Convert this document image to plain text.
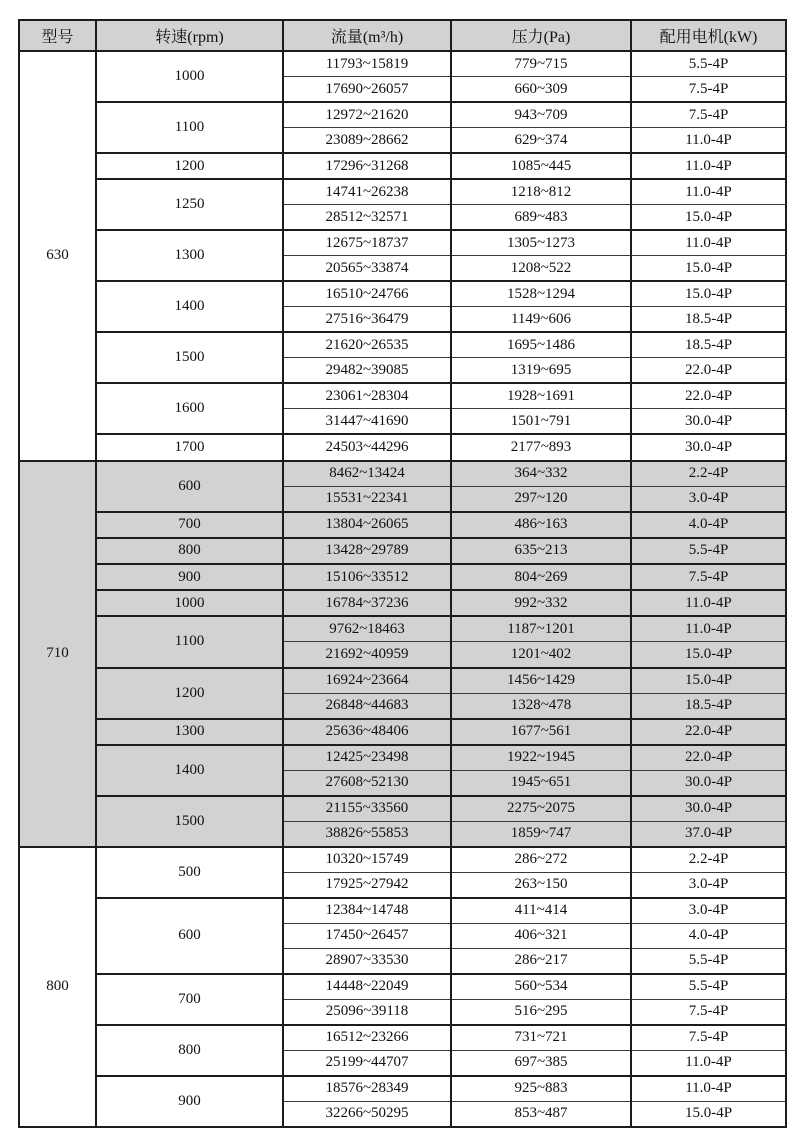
型号	转速(rpm)	流量(m³/h)	压力(Pa)	配用电机(kW)
630	1000	11793~15819	779~715	5.5-4P
		17690~26057	660~309	7.5-4P
	1100	12972~21620	943~709	7.5-4P
		23089~28662	629~374	11.0-4P
	1200	17296~31268	1085~445	11.0-4P
	1250	14741~26238	1218~812	11.0-4P
		28512~32571	689~483	15.0-4P
	1300	12675~18737	1305~1273	11.0-4P
		20565~33874	1208~522	15.0-4P
	1400	16510~24766	1528~1294	15.0-4P
		27516~36479	1149~606	18.5-4P
	1500	21620~26535	1695~1486	18.5-4P
		29482~39085	1319~695	22.0-4P
	1600	23061~28304	1928~1691	22.0-4P
		31447~41690	1501~791	30.0-4P
	1700	24503~44296	2177~893	30.0-4P
710	600	8462~13424	364~332	2.2-4P
		15531~22341	297~120	3.0-4P
	700	13804~26065	486~163	4.0-4P
	800	13428~29789	635~213	5.5-4P
	900	15106~33512	804~269	7.5-4P
	1000	16784~37236	992~332	11.0-4P
	1100	9762~18463	1187~1201	11.0-4P
		21692~40959	1201~402	15.0-4P
	1200	16924~23664	1456~1429	15.0-4P
		26848~44683	1328~478	18.5-4P
	1300	25636~48406	1677~561	22.0-4P
	1400	12425~23498	1922~1945	22.0-4P
		27608~52130	1945~651	30.0-4P
	1500	21155~33560	2275~2075	30.0-4P
		38826~55853	1859~747	37.0-4P
800	500	10320~15749	286~272	2.2-4P
		17925~27942	263~150	3.0-4P
	600	12384~14748	411~414	3.0-4P
		17450~26457	406~321	4.0-4P
		28907~33530	286~217	5.5-4P
	700	14448~22049	560~534	5.5-4P
		25096~39118	516~295	7.5-4P
	800	16512~23266	731~721	7.5-4P
		25199~44707	697~385	11.0-4P
	900	18576~28349	925~883	11.0-4P
		32266~50295	853~487	15.0-4P
